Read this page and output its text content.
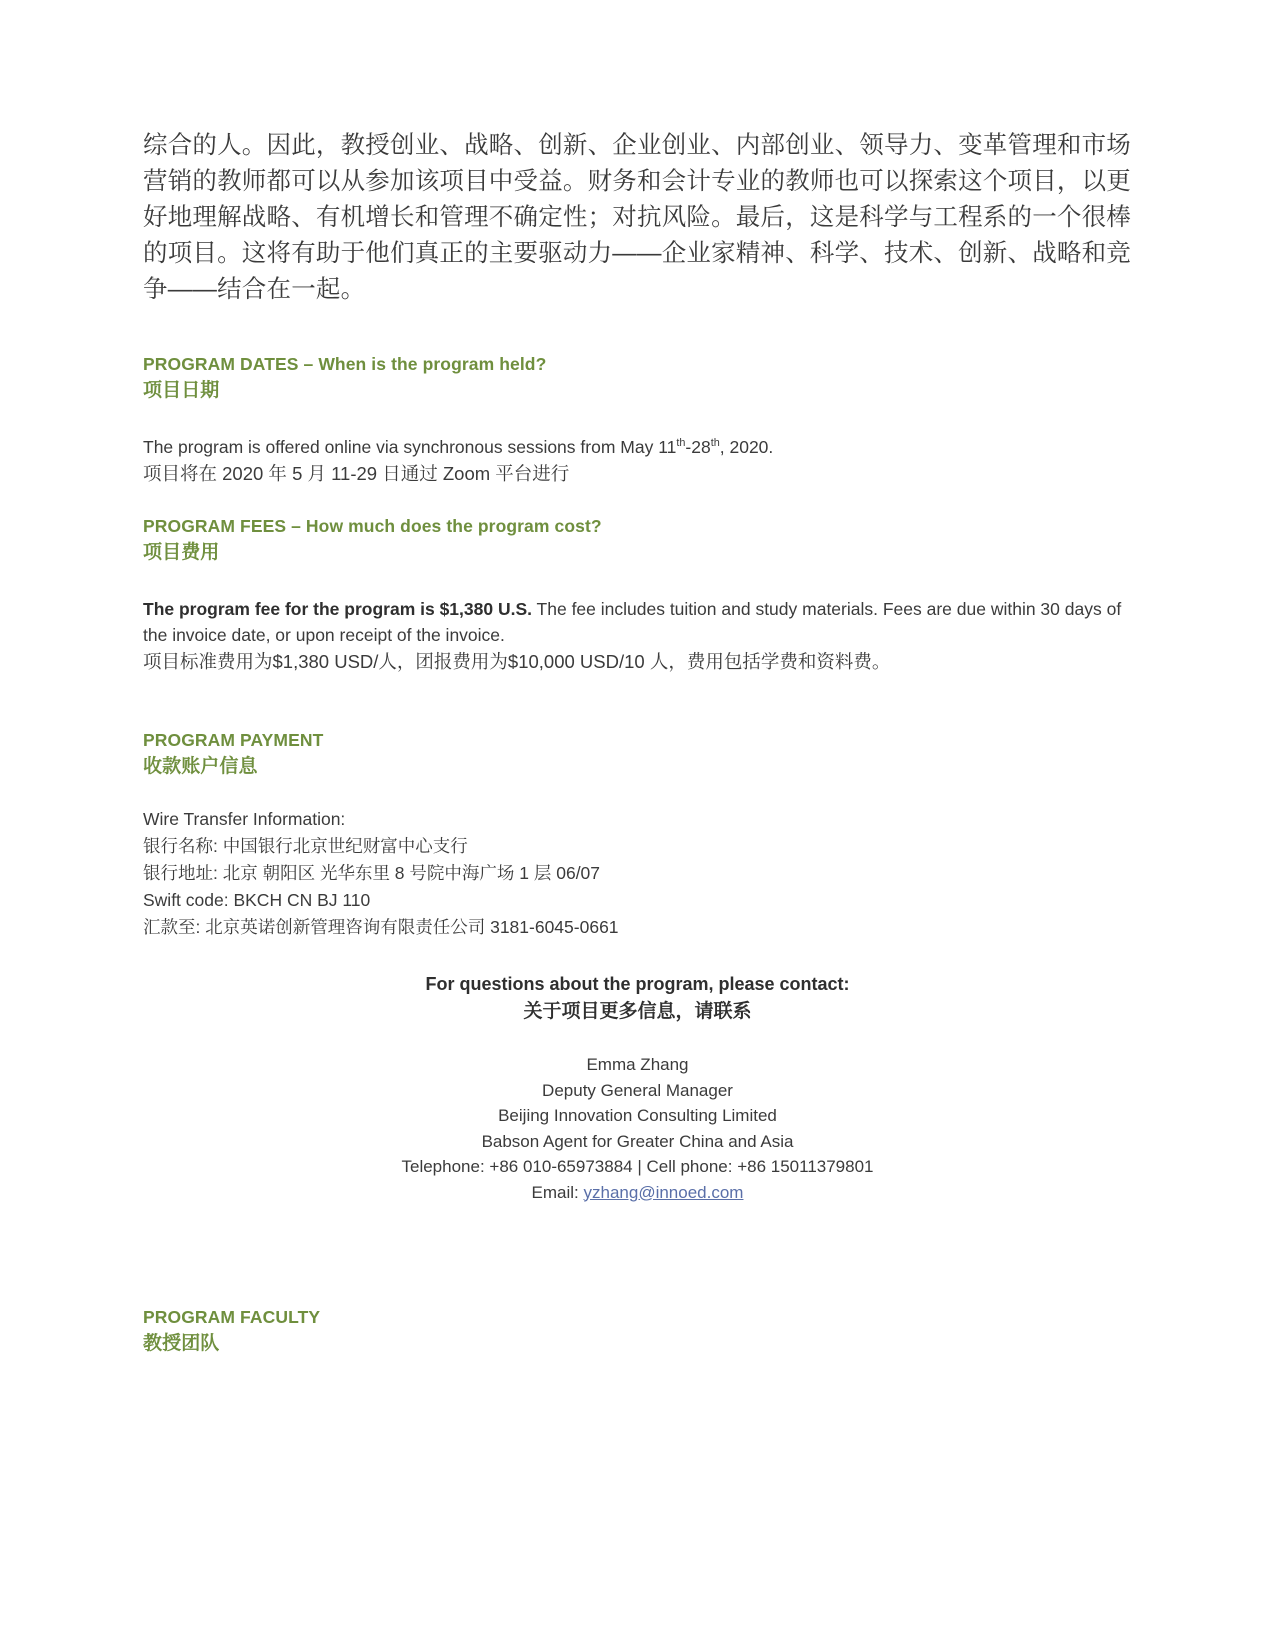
综合的人。因此，教授创业、战略、创新、企业创业、内部创业、领导力、变革管理和市场营销的教师都可以从参加该项目中受益。财务和会计专业的教师也可以探索这个项目，以更好地理解战略、有机增长和管理不确定性；对抗风险。最后，这是科学与工程系的一个很棒的项目。这将有助于他们真正的主要驱动力——企业家精神、科学、技术、创新、战略和竞争——结合在一起。

PROGRAM DATES – When is the program held?

项目日期

The program is offered online via synchronous sessions from May 11th-28th, 2020.

项目将在 2020 年 5 月 11-29 日通过 Zoom 平台进行

PROGRAM FEES – How much does the program cost?

项目费用

The program fee for the program is $1,380 U.S. The fee includes tuition and study materials. Fees are due within 30 days of the invoice date, or upon receipt of the invoice.

项目标准费用为$1,380 USD/人，团报费用为$10,000 USD/10 人，费用包括学费和资料费。

PROGRAM PAYMENT

收款账户信息

Wire Transfer Information:

银行名称: 中国银行北京世纪财富中心支行

银行地址: 北京 朝阳区 光华东里 8 号院中海广场 1 层 06/07

Swift code: BKCH CN BJ 110

汇款至: 北京英诺创新管理咨询有限责任公司 3181-6045-0661

For questions about the program, please contact:

关于项目更多信息，请联系

Emma Zhang

Deputy General Manager

Beijing Innovation Consulting Limited

Babson Agent for Greater China and Asia

Telephone: +86 010-65973884 | Cell phone: +86 15011379801

Email: yzhang@innoed.com

PROGRAM FACULTY

教授团队
